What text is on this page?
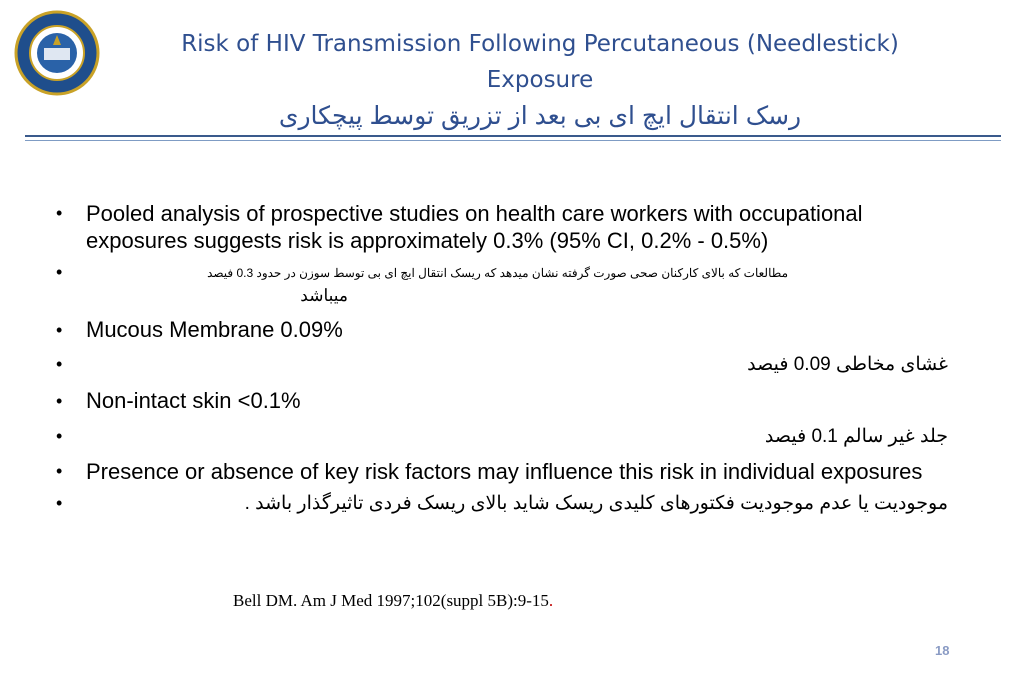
Risk of HIV Transmission Following Percutaneous (Needlestick)
Exposure
رسک انتقال ایچ ای بی بعد از تزریق توسط پیچکاری
• Pooled analysis of prospective studies on health care workers with occupational exposures suggests risk is approximately 0.3% (95% CI, 0.2% - 0.5%)
•	مطالعات که بالای کارکنان صحی صورت گرفته نشان میدهد که ریسک انتقال ایچ ای بی توسط سوزن در حدود 0.3 فیصد
میباشد
• Mucous Membrane 0.09%
•	غشای مخاطی 0.09 فیصد
• Non-intact skin <0.1%
•	جلد غیر سالم 0.1 فیصد
• Presence or absence of key risk factors may influence this risk in individual exposures
•	موجودیت یا عدم موجودیت فکتورهای کلیدی ریسک شاید بالای ریسک فردی تاثیرگذار باشد .
Bell DM. Am J Med 1997;102(suppl 5B):9-15.
18
